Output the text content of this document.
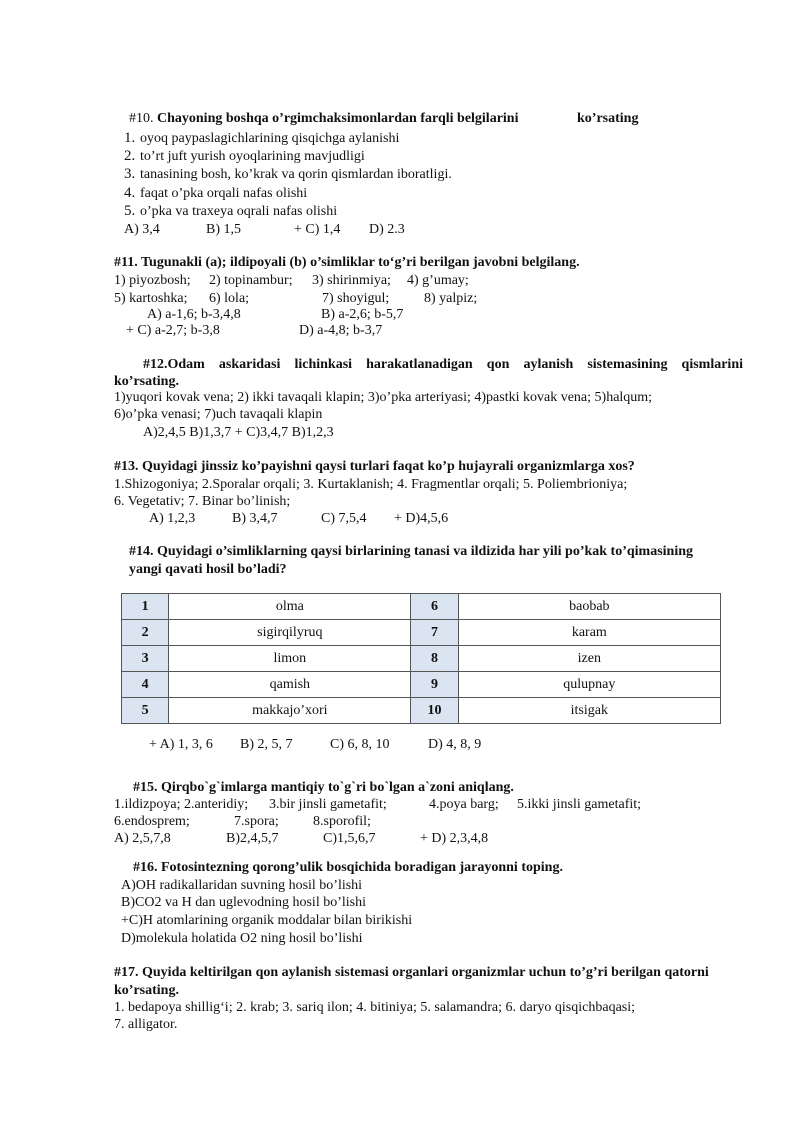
#10. Chayoning boshqa o’rgimchaksimonlardan farqli belgilarini	ko’rsating
1. oyoq paypaslagichlarining qisqichga aylanishi
2. to’rt juft yurish oyoqlarining mavjudligi
3. tanasining bosh, ko’krak va qorin qismlardan iboratligi.
4. faqat o’pka orqali nafas olishi
5. o’pka va traxeya oqrali nafas olishi
A) 3,4	B) 1,5	+ C) 1,4 D) 2.3
#11. Tugunakli (a); ildipoyali (b) o’simliklar to‘g’ri berilgan javobni belgilang.
1) piyozbosh; 2) topinambur; 3) shirinmiya; 4) g’umay;
5) kartoshka; 6) lola;	7) shoyigul; 8) yalpiz;
A) a-1,6; b-3,4,8	B) a-2,6; b-5,7
+ C) a-2,7; b-3,8	D) a-4,8; b-3,7
#12.Odam askaridasi lichinkasi harakatlanadigan qon aylanish sistemasining qismlarini
ko’rsating.
1)yuqori kovak vena; 2) ikki tavaqali klapin; 3)o’pka arteriyasi; 4)pastki kovak vena; 5)halqum;
6)o’pka venasi; 7)uch tavaqali klapin
A)2,4,5 B)1,3,7 + C)3,4,7 B)1,2,3
#13. Quyidagi jinssiz ko’payishni qaysi turlari faqat ko’p hujayrali organizmlarga xos?
1.Shizogoniya; 2.Sporalar orqali; 3. Kurtaklanish; 4. Fragmentlar orqali; 5. Poliembrioniya;
6. Vegetativ; 7. Binar bo’linish;
A) 1,2,3	B) 3,4,7	C) 7,5,4 + D)4,5,6
#14. Quyidagi o’simliklarning qaysi birlarining tanasi va ildizida har yili po’kak to’qimasining
yangi qavati hosil bo’ladi?
1	olma	6	baobab
2	sigirqilyruq	7	karam
3	limon	8	izen
4	qamish	9	qulupnay
5	makkajo’xori	10	itsigak
+ A) 1, 3, 6 B) 2, 5, 7	C) 6, 8, 10	D) 4, 8, 9
#15. Qirqbo`g`imlarga mantiqiy to`g`ri bo`lgan a`zoni aniqlang.
1.ildizpoya; 2.anteridiy; 3.bir jinsli gametafit;	4.poya barg; 5.ikki jinsli gametafit;
6.endosprem;	7.spora; 8.sporofil;
A) 2,5,7,8	B)2,4,5,7	C)1,5,6,7	+ D) 2,3,4,8
#16. Fotosintezning qorong’ulik bosqichida boradigan jarayonni toping.
A)OH radikallaridan suvning hosil bo’lishi
B)CO2 va H dan uglevodning hosil bo’lishi
+C)H atomlarining organik moddalar bilan birikishi
D)molekula holatida O2 ning hosil bo’lishi
#17. Quyida keltirilgan qon aylanish sistemasi organlari organizmlar uchun to’g’ri berilgan qatorni
ko’rsating.
1. bedapoya shillig‘i; 2. krab; 3. sariq ilon; 4. bitiniya; 5. salamandra; 6. daryo qisqichbaqasi;
7. alligator.
